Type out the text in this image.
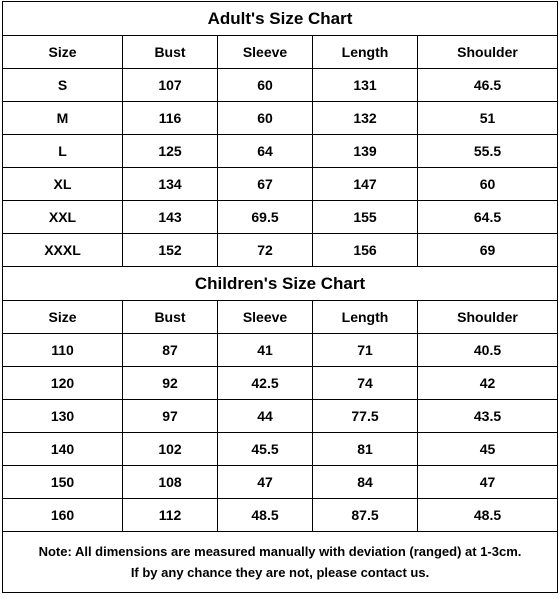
Adult's Size Chart				
Size	Bust	Sleeve	Length	Shoulder
S	107	60	131	46.5
M	116	60	132	51
L	125	64	139	55.5
XL	134	67	147	60
XXL	143	69.5	155	64.5
XXXL	152	72	156	69
Children's Size Chart				
Size	Bust	Sleeve	Length	Shoulder
110	87	41	71	40.5
120	92	42.5	74	42
130	97	44	77.5	43.5
140	102	45.5	81	45
150	108	47	84	47
160	112	48.5	87.5	48.5

Note: All dimensions are measured manually with deviation (ranged) at 1-3cm.
If by any chance they are not, please contact us.				
